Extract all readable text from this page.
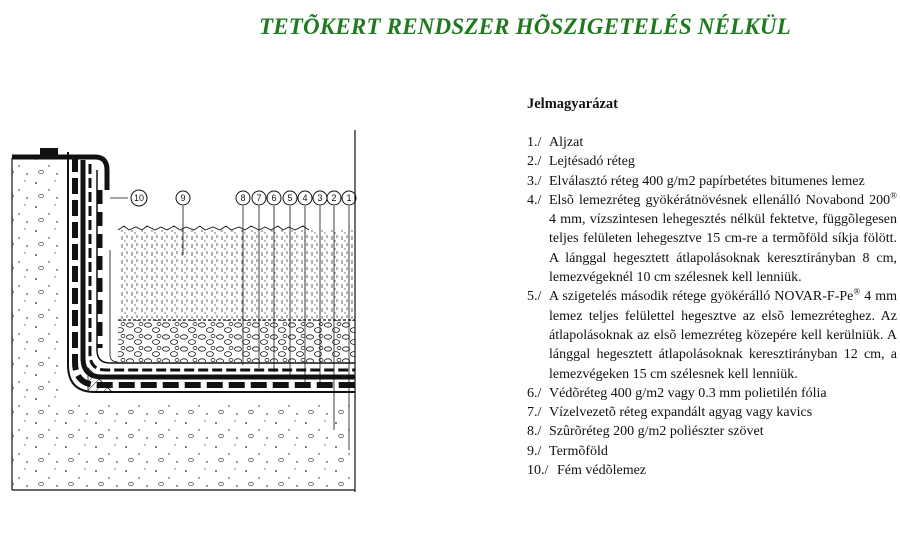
TETÕKERT RENDSZER HÕSZIGETELÉS NÉLKÜL
10	9	8 7 6 5 4 3 2 1
Jelmagyarázat
1./ Aljzat
2./ Lejtésadó réteg
3./ Elválasztó réteg 400 g/m2 papírbetétes bitumenes lemez
4./ Elsõ lemezréteg gyökérátnövésnek ellenálló Novabond 200® 4 mm, vízszintesen lehegesztés nélkül fektetve, függõlegesen teljes felületen lehegesztve 15 cm-re a termõföld síkja fölött. A lánggal hegesztett átlapolásoknak keresztirányban 8 cm, lemezvégeknél 10 cm szélesnek kell lenniük.
5./ A szigetelés második rétege gyökérálló NOVAR-F-Pe® 4 mm lemez teljes felülettel hegesztve az elsõ lemezréteghez. Az átlapolásoknak az elsõ lemezréteg közepére kell kerülniük. A lánggal hegesztett átlapolásoknak keresztirányban 12 cm, a lemezvégeken 15 cm szélesnek kell lenniük.
6./ Védõréteg 400 g/m2 vagy 0.3 mm polietilén fólia
7./ Vízelvezetõ réteg expandált agyag vagy kavics
8./ Szûrõréteg 200 g/m2 poliészter szövet
9./ Termõföld
10./ Fém védõlemez
